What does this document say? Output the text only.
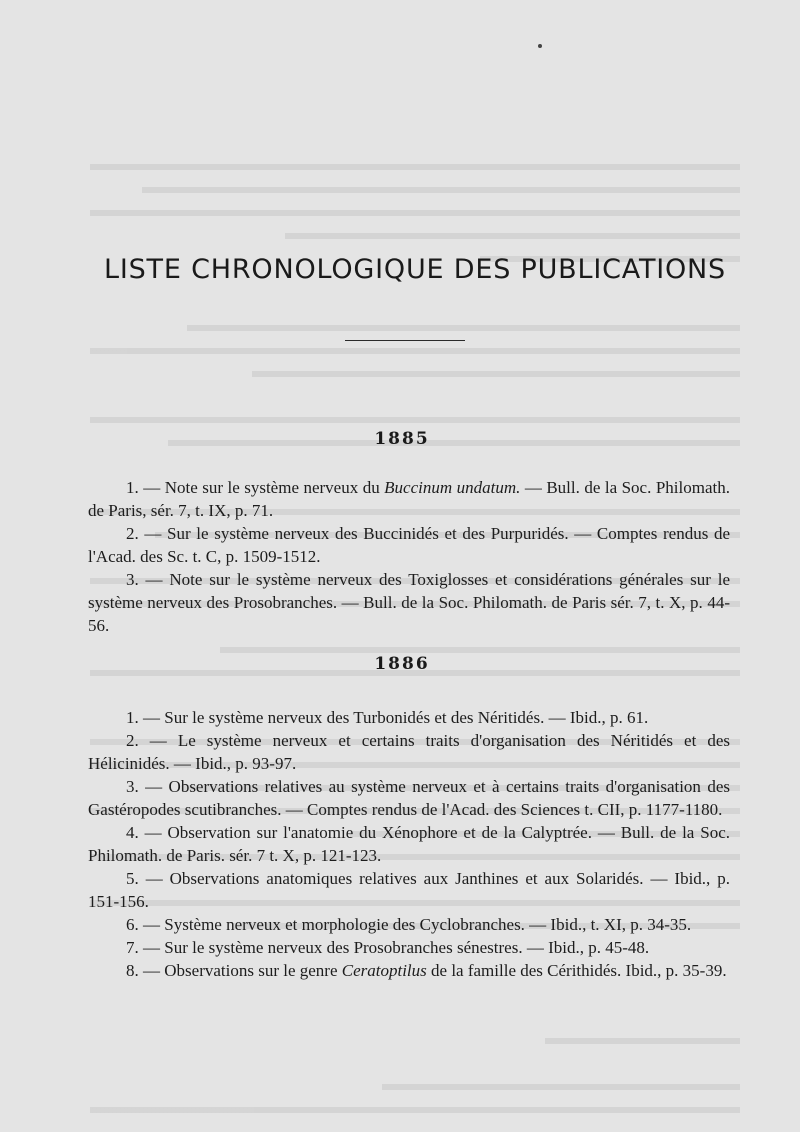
LISTE CHRONOLOGIQUE DES PUBLICATIONS
1885

1. — Note sur le système nerveux du Buccinum undatum. — Bull. de la Soc. Philomath. de Paris, sér. 7, t. IX, p. 71.

2. — Sur le système nerveux des Buccinidés et des Purpuridés. — Comptes rendus de l'Acad. des Sc. t. C, p. 1509-1512.

3. — Note sur le système nerveux des Toxiglosses et considérations générales sur le système nerveux des Prosobranches. — Bull. de la Soc. Philomath. de Paris sér. 7, t. X, p. 44-56.

1886

1. — Sur le système nerveux des Turbonidés et des Néritidés. — Ibid., p. 61.

2. — Le système nerveux et certains traits d'organisation des Néritidés et des Hélicinidés. — Ibid., p. 93-97.

3. — Observations relatives au système nerveux et à certains traits d'organisation des Gastéropodes scutibranches. — Comptes rendus de l'Acad. des Sciences t. CII, p. 1177-1180.

4. — Observation sur l'anatomie du Xénophore et de la Calyptrée. — Bull. de la Soc. Philomath. de Paris. sér. 7 t. X, p. 121-123.

5. — Observations anatomiques relatives aux Janthines et aux Solaridés. — Ibid., p. 151-156.

6. — Système nerveux et morphologie des Cyclobranches. — Ibid., t. XI, p. 34-35.

7. — Sur le système nerveux des Prosobranches sénestres. — Ibid., p. 45-48.

8. — Observations sur le genre Ceratoptilus de la famille des Cérithidés. Ibid., p. 35-39.
